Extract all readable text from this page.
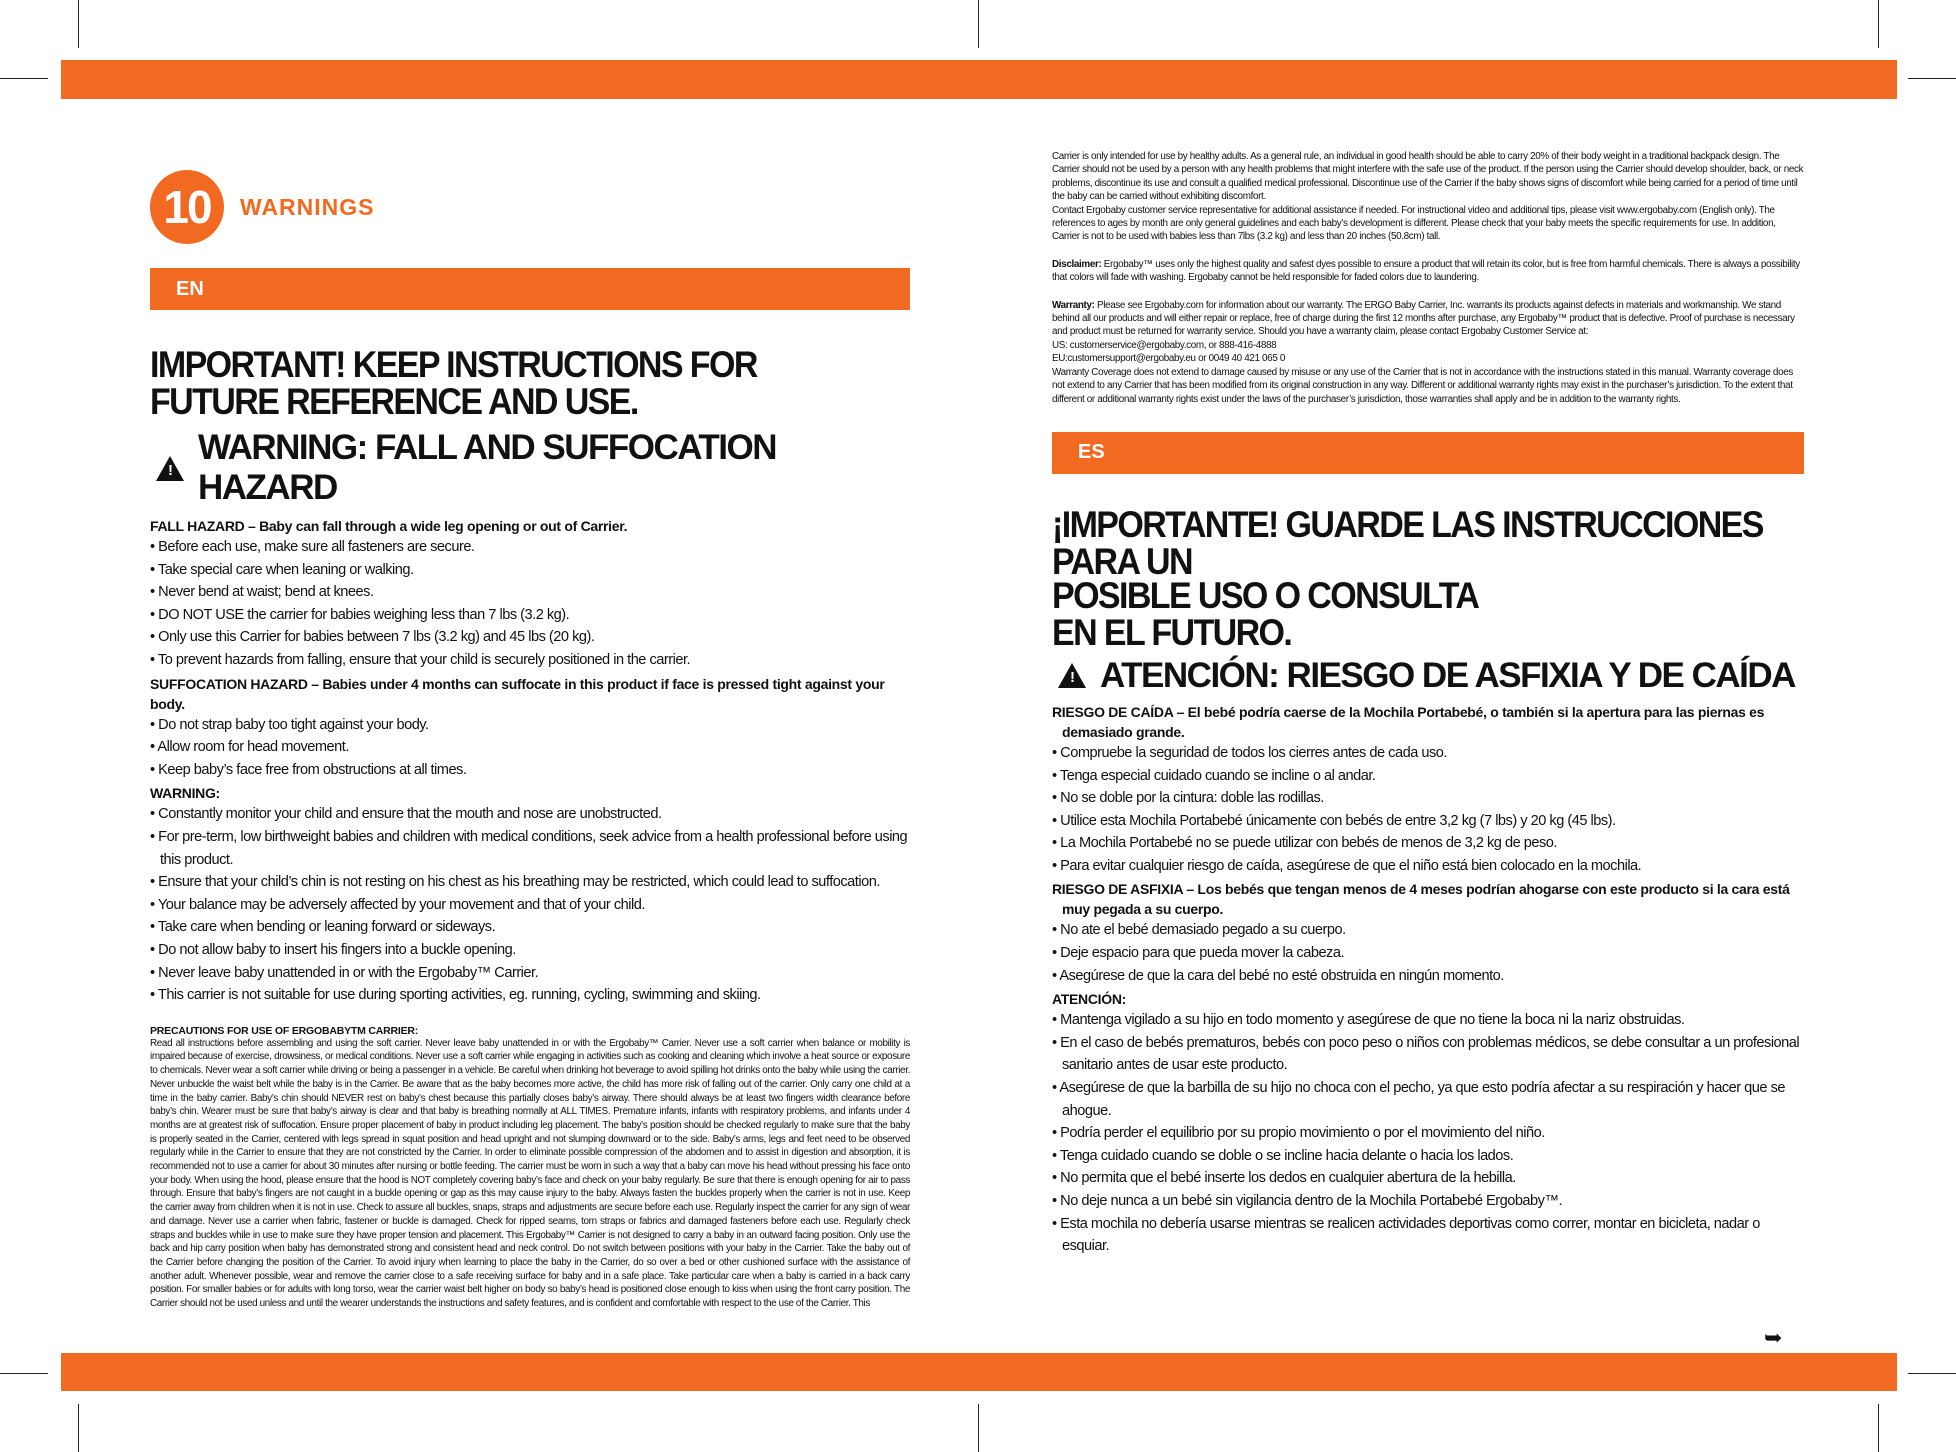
10	WARNINGS
EN
IMPORTANT! KEEP INSTRUCTIONS FOR FUTURE REFERENCE AND USE.
!
WARNING: FALL AND SUFFOCATION HAZARD
FALL HAZARD – Baby can fall through a wide leg opening or out of Carrier.
• Before each use, make sure all fasteners are secure.
• Take special care when leaning or walking.
• Never bend at waist; bend at knees.
• DO NOT USE the carrier for babies weighing less than 7 lbs (3.2 kg).
• Only use this Carrier for babies between 7 lbs (3.2 kg) and 45 lbs (20 kg).
• To prevent hazards from falling, ensure that your child is securely positioned in the carrier.
SUFFOCATION HAZARD – Babies under 4 months can suffocate in this product if face is pressed tight against your body.
• Do not strap baby too tight against your body.
• Allow room for head movement.
• Keep baby’s face free from obstructions at all times.
WARNING:
• Constantly monitor your child and ensure that the mouth and nose are unobstructed.
• For pre-term, low birthweight babies and children with medical conditions, seek advice from a health professional before using this product.
• Ensure that your child’s chin is not resting on his chest as his breathing may be restricted, which could lead to suffocation.
• Your balance may be adversely affected by your movement and that of your child.
• Take care when bending or leaning forward or sideways.
• Do not allow baby to insert his fingers into a buckle opening.
• Never leave baby unattended in or with the Ergobaby™ Carrier.
• This carrier is not suitable for use during sporting activities, eg. running, cycling, swimming and skiing.
PRECAUTIONS FOR USE OF ERGOBABYTM CARRIER:
Read all instructions before assembling and using the soft carrier. Never leave baby unattended in or with the Ergobaby™ Carrier. Never use a soft carrier when balance or mobility is impaired because of exercise, drowsiness, or medical conditions. Never use a soft carrier while engaging in activities such as cooking and cleaning which involve a heat source or exposure to chemicals. Never wear a soft carrier while driving or being a passenger in a vehicle. Be careful when drinking hot beverage to avoid spilling hot drinks onto the baby while using the carrier. Never unbuckle the waist belt while the baby is in the Carrier. Be aware that as the baby becomes more active, the child has more risk of falling out of the carrier. Only carry one child at a time in the baby carrier. Baby’s chin should NEVER rest on baby’s chest because this partially closes baby’s airway. There should always be at least two fingers width clearance before baby’s chin. Wearer must be sure that baby’s airway is clear and that baby is breathing normally at ALL TIMES. Premature infants, infants with respiratory problems, and infants under 4 months are at greatest risk of suffocation. Ensure proper placement of baby in product including leg placement. The baby’s position should be checked regularly to make sure that the baby is properly seated in the Carrier, centered with legs spread in squat position and head upright and not slumping downward or to the side. Baby’s arms, legs and feet need to be observed regularly while in the Carrier to ensure that they are not constricted by the Carrier. In order to eliminate possible compression of the abdomen and to assist in digestion and absorption, it is recommended not to use a carrier for about 30 minutes after nursing or bottle feeding. The carrier must be worn in such a way that a baby can move his head without pressing his face onto your body. When using the hood, please ensure that the hood is NOT completely covering baby’s face and check on your baby regularly. Be sure that there is enough opening for air to pass through. Ensure that baby’s fingers are not caught in a buckle opening or gap as this may cause injury to the baby. Always fasten the buckles properly when the carrier is not in use. Keep the carrier away from children when it is not in use. Check to assure all buckles, snaps, straps and adjustments are secure before each use. Regularly inspect the carrier for any sign of wear and damage. Never use a carrier when fabric, fastener or buckle is damaged. Check for ripped seams, torn straps or fabrics and damaged fasteners before each use. Regularly check straps and buckles while in use to make sure they have proper tension and placement. This Ergobaby™ Carrier is not designed to carry a baby in an outward facing position. Only use the back and hip carry position when baby has demonstrated strong and consistent head and neck control. Do not switch between positions with your baby in the Carrier. Take the baby out of the Carrier before changing the position of the Carrier. To avoid injury when learning to place the baby in the Carrier, do so over a bed or other cushioned surface with the assistance of another adult. Whenever possible, wear and remove the carrier close to a safe receiving surface for baby and in a safe place. Take particular care when a baby is carried in a back carry position. For smaller babies or for adults with long torso, wear the carrier waist belt higher on body so baby’s head is positioned close enough to kiss when using the front carry position. The Carrier should not be used unless and until the wearer understands the instructions and safety features, and is confident and comfortable with respect to the use of the Carrier. This
Carrier is only intended for use by healthy adults. As a general rule, an individual in good health should be able to carry 20% of their body weight in a traditional backpack design. The Carrier should not be used by a person with any health problems that might interfere with the safe use of the product. If the person using the Carrier should develop shoulder, back, or neck problems, discontinue its use and consult a qualified medical professional. Discontinue use of the Carrier if the baby shows signs of discomfort while being carried for a period of time until the baby can be carried without exhibiting discomfort.
Contact Ergobaby customer service representative for additional assistance if needed. For instructional video and additional tips, please visit www.ergobaby.com (English only). The references to ages by month are only general guidelines and each baby’s development is different. Please check that your baby meets the specific requirements for use. In addition, Carrier is not to be used with babies less than 7lbs (3.2 kg) and less than 20 inches (50.8cm) tall.
Disclaimer: Ergobaby™ uses only the highest quality and safest dyes possible to ensure a product that will retain its color, but is free from harmful chemicals. There is always a possibility that colors will fade with washing. Ergobaby cannot be held responsible for faded colors due to laundering.
Warranty: Please see Ergobaby.com for information about our warranty. The ERGO Baby Carrier, Inc. warrants its products against defects in materials and workmanship. We stand behind all our products and will either repair or replace, free of charge during the first 12 months after purchase, any Ergobaby™ product that is defective. Proof of purchase is necessary and product must be returned for warranty service. Should you have a warranty claim, please contact Ergobaby Customer Service at:
US: customerservice@ergobaby.com, or 888-416-4888
EU:customersupport@ergobaby.eu or 0049 40 421 065 0
Warranty Coverage does not extend to damage caused by misuse or any use of the Carrier that is not in accordance with the instructions stated in this manual. Warranty coverage does not extend to any Carrier that has been modified from its original construction in any way. Different or additional warranty rights may exist in the purchaser’s jurisdiction. To the extent that different or additional warranty rights exist under the laws of the purchaser’s jurisdiction, those warranties shall apply and be in addition to the warranty rights.
ES
¡IMPORTANTE! GUARDE LAS INSTRUCCIONES PARA UN
POSIBLE USO O CONSULTA
EN EL FUTURO.
! ATENCIÓN: RIESGO DE ASFIXIA Y DE CAÍDA
RIESGO DE CAÍDA – El bebé podría caerse de la Mochila Portabebé, o también si la apertura para las piernas es demasiado grande.
• Compruebe la seguridad de todos los cierres antes de cada uso.
• Tenga especial cuidado cuando se incline o al andar.
• No se doble por la cintura: doble las rodillas.
• Utilice esta Mochila Portabebé únicamente con bebés de entre 3,2 kg (7 lbs) y 20 kg (45 lbs).
• La Mochila Portabebé no se puede utilizar con bebés de menos de 3,2 kg de peso.
• Para evitar cualquier riesgo de caída, asegúrese de que el niño está bien colocado en la mochila.
RIESGO DE ASFIXIA – Los bebés que tengan menos de 4 meses podrían ahogarse con este producto si la cara está muy pegada a su cuerpo.
• No ate el bebé demasiado pegado a su cuerpo.
• Deje espacio para que pueda mover la cabeza.
• Asegúrese de que la cara del bebé no esté obstruida en ningún momento.
ATENCIÓN:
• Mantenga vigilado a su hijo en todo momento y asegúrese de que no tiene la boca ni la nariz obstruidas.
• En el caso de bebés prematuros, bebés con poco peso o niños con problemas médicos, se debe consultar a un profesional sanitario antes de usar este producto.
• Asegúrese de que la barbilla de su hijo no choca con el pecho, ya que esto podría afectar a su respiración y hacer que se ahogue.
• Podría perder el equilibrio por su propio movimiento o por el movimiento del niño.
• Tenga cuidado cuando se doble o se incline hacia delante o hacia los lados.
• No permita que el bebé inserte los dedos en cualquier abertura de la hebilla.
• No deje nunca a un bebé sin vigilancia dentro de la Mochila Portabebé Ergobaby™.
• Esta mochila no debería usarse mientras se realicen actividades deportivas como correr, montar en bicicleta, nadar o esquiar.
➥
